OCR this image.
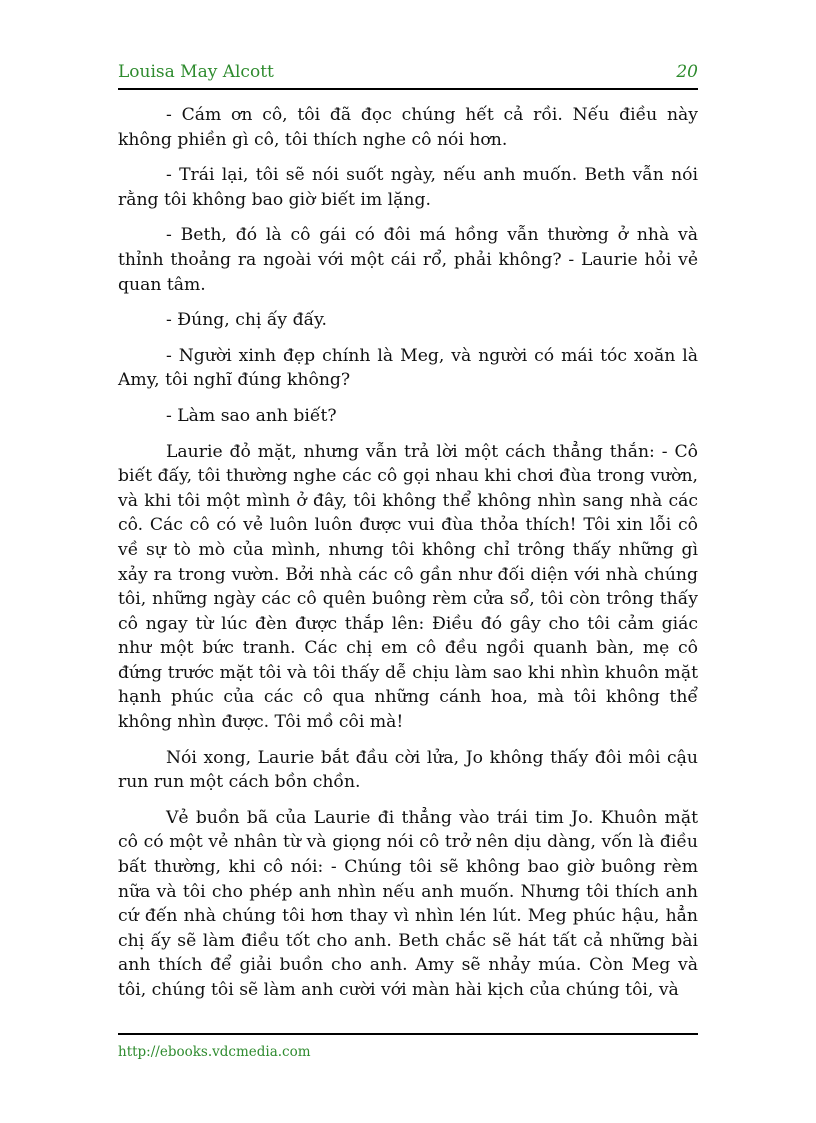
Louisa May Alcott	20

- Cám ơn cô, tôi đã đọc chúng hết cả rồi. Nếu điều này không phiền gì cô, tôi thích nghe cô nói hơn.

- Trái lại, tôi sẽ nói suốt ngày, nếu anh muốn. Beth vẫn nói rằng tôi không bao giờ biết im lặng.

- Beth, đó là cô gái có đôi má hồng vẫn thường ở nhà và thỉnh thoảng ra ngoài với một cái rổ, phải không? - Laurie hỏi vẻ quan tâm.

- Đúng, chị ấy đấy.

- Người xinh đẹp chính là Meg, và người có mái tóc xoăn là Amy, tôi nghĩ đúng không?

- Làm sao anh biết?

Laurie đỏ mặt, nhưng vẫn trả lời một cách thẳng thắn: - Cô biết đấy, tôi thường nghe các cô gọi nhau khi chơi đùa trong vườn, và khi tôi một mình ở đây, tôi không thể không nhìn sang nhà các cô. Các cô có vẻ luôn luôn được vui đùa thỏa thích! Tôi xin lỗi cô về sự tò mò của mình, nhưng tôi không chỉ trông thấy những gì xảy ra trong vườn. Bởi nhà các cô gần như đối diện với nhà chúng tôi, những ngày các cô quên buông rèm cửa sổ, tôi còn trông thấy cô ngay từ lúc đèn được thắp lên: Điều đó gây cho tôi cảm giác như một bức tranh. Các chị em cô đều ngồi quanh bàn, mẹ cô đứng trước mặt tôi và tôi thấy dễ chịu làm sao khi nhìn khuôn mặt hạnh phúc của các cô qua những cánh hoa, mà tôi không thể không nhìn được. Tôi mồ côi mà!

Nói xong, Laurie bắt đầu cời lửa, Jo không thấy đôi môi cậu run run một cách bồn chồn.

Vẻ buồn bã của Laurie đi thẳng vào trái tim Jo. Khuôn mặt cô có một vẻ nhân từ và giọng nói cô trở nên dịu dàng, vốn là điều bất thường, khi cô nói: - Chúng tôi sẽ không bao giờ buông rèm nữa và tôi cho phép anh nhìn nếu anh muốn. Nhưng tôi thích anh cứ đến nhà chúng tôi hơn thay vì nhìn lén lút. Meg phúc hậu, hẳn chị ấy sẽ làm điều tốt cho anh. Beth chắc sẽ hát tất cả những bài anh thích để giải buồn cho anh. Amy sẽ nhảy múa. Còn Meg và tôi, chúng tôi sẽ làm anh cười với màn hài kịch của chúng tôi, và

http://ebooks.vdcmedia.com
